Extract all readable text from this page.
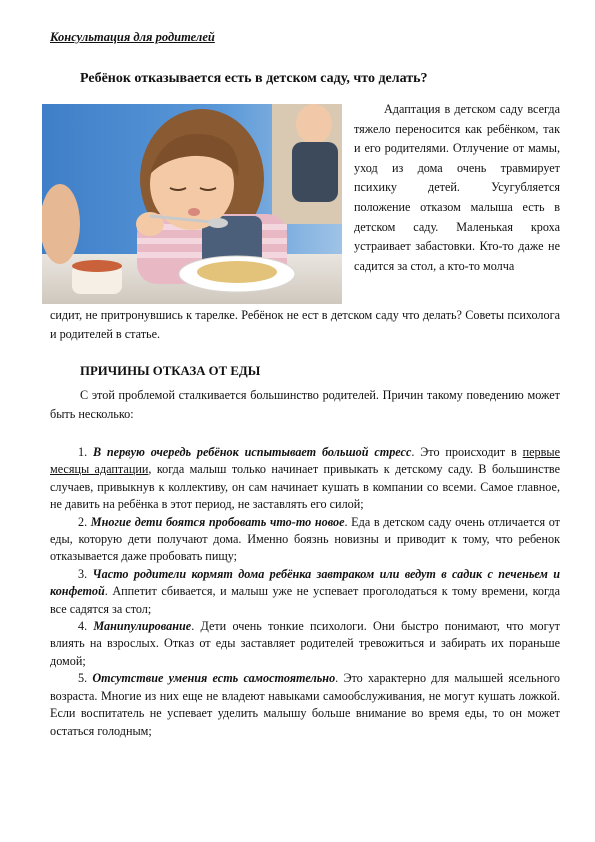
Консультация для родителей
Ребёнок отказывается есть в детском саду, что делать?

Адаптация в детском саду всегда тяжело переносится как ребёнком, так и его родителями. Отлучение от мамы, уход из дома очень травмирует психику детей. Усугубляется положение отказом малыша есть в детском саду. Маленькая кроха устраивает забастовки. Кто-то даже не садится за стол, а кто-то молча

сидит, не притронувшись к тарелке. Ребёнок не ест в детском саду что делать? Советы психолога и родителей в статье.

ПРИЧИНЫ ОТКАЗА ОТ ЕДЫ

С этой проблемой сталкивается большинство родителей. Причин такому поведению может быть несколько:

1. В первую очередь ребёнок испытывает большой стресс. Это происходит в первые месяцы адаптации, когда малыш только начинает привыкать к детскому саду. В большинстве случаев, привыкнув к коллективу, он сам начинает кушать в компании со всеми. Самое главное, не давить на ребёнка в этот период, не заставлять его силой;

2. Многие дети боятся пробовать что-то новое. Еда в детском саду очень отличается от еды, которую дети получают дома. Именно боязнь новизны и приводит к тому, что ребенок отказывается даже пробовать пищу;

3. Часто родители кормят дома ребёнка завтраком или ведут в садик с печеньем и конфетой. Аппетит сбивается, и малыш уже не успевает проголодаться к тому времени, когда все садятся за стол;

4. Манипулирование. Дети очень тонкие психологи. Они быстро понимают, что могут влиять на взрослых. Отказ от еды заставляет родителей тревожиться и забирать их пораньше домой;

5. Отсутствие умения есть самостоятельно. Это характерно для малышей ясельного возраста. Многие из них еще не владеют навыками самообслуживания, не могут кушать ложкой. Если воспитатель не успевает уделить малышу больше внимание во время еды, то он может остаться голодным;
